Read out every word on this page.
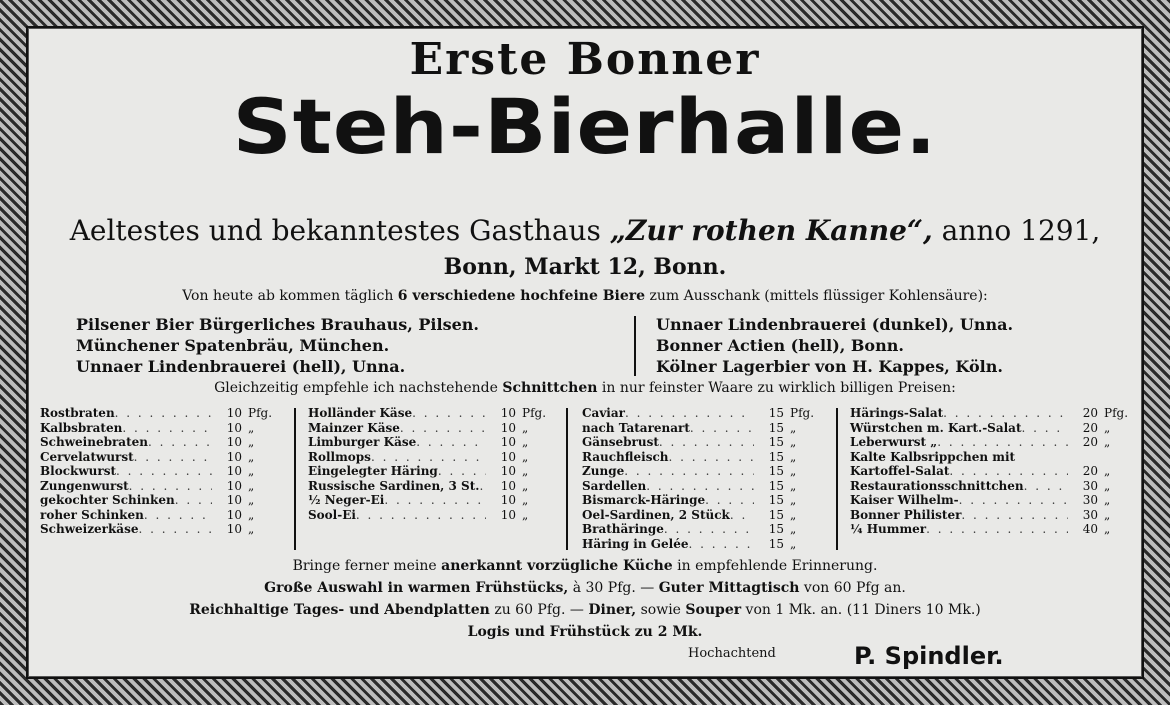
Erste Bonner
Steh-Bierhalle.
Aeltestes und bekanntestes Gasthaus „Zur rothen Kanne“, anno 1291,
Bonn, Markt 12, Bonn.
Von heute ab kommen täglich 6 verschiedene hochfeine Biere zum Ausschank (mittels flüssiger Kohlensäure):
Pilsener Bier Bürgerliches Brauhaus, Pilsen.
Münchener Spatenbräu, München.
Unnaer Lindenbrauerei (hell), Unna.
Unnaer Lindenbrauerei (dunkel), Unna.
Bonner Actien (hell), Bonn.
Kölner Lagerbier von H. Kappes, Köln.
Gleichzeitig empfehle ich nachstehende Schnittchen in nur feinster Waare zu wirklich billigen Preisen:
Rostbraten . . .	10 Pfg.
Kalbsbraten . . .	10 „
Schweinebraten . . .	10 „
Cervelatwurst . . .	10 „
Blockwurst . . .	10 „
Zungenwurst . . .	10 „
gekochter Schinken . . .	10 „
roher Schinken . . .	10 „
Schweizerkäse . . .	10 „
Holländer Käse . . .	10 Pfg.
Mainzer Käse . . .	10 „
Limburger Käse . . .	10 „
Rollmops . . .	10 „
Eingelegter Häring . . .	10 „
Russische Sardinen, 3 St. . . .	10 „
½ Neger-Ei . . .	10 „
Sool-Ei . . .	10 „
Caviar . . .	15 Pfg.
nach Tatarenart . . .	15 „
Gänsebrust . . .	15 „
Rauchfleisch . . .	15 „
Zunge . . .	15 „
Sardellen . . .	15 „
Bismarck-Häringe . . .	15 „
Oel-Sardinen, 2 Stück . . .	15 „
Brathäringe . . .	15 „
Häring in Gelée . . .	15 „
Härings-Salat . . .	20 Pfg.
Würstchen m. Kart.-Salat . . .	20 „
Leberwurst „ . . .	20 „
Kalte Kalbsrippchen mit
Kartoffel-Salat . . .	20 „
Restaurationsschnittchen . . .	30 „
Kaiser Wilhelm- . . .	30 „
Bonner Philister . . .	30 „
¼ Hummer . . .	40 „
Bringe ferner meine anerkannt vorzügliche Küche in empfehlende Erinnerung.
Große Auswahl in warmen Frühstücks, à 30 Pfg. — Guter Mittagtisch von 60 Pfg an.
Reichhaltige Tages- und Abendplatten zu 60 Pfg. — Diner, sowie Souper von 1 Mk. an. (11 Diners 10 Mk.)
Logis und Frühstück zu 2 Mk.
Hochachtend	P. Spindler.
